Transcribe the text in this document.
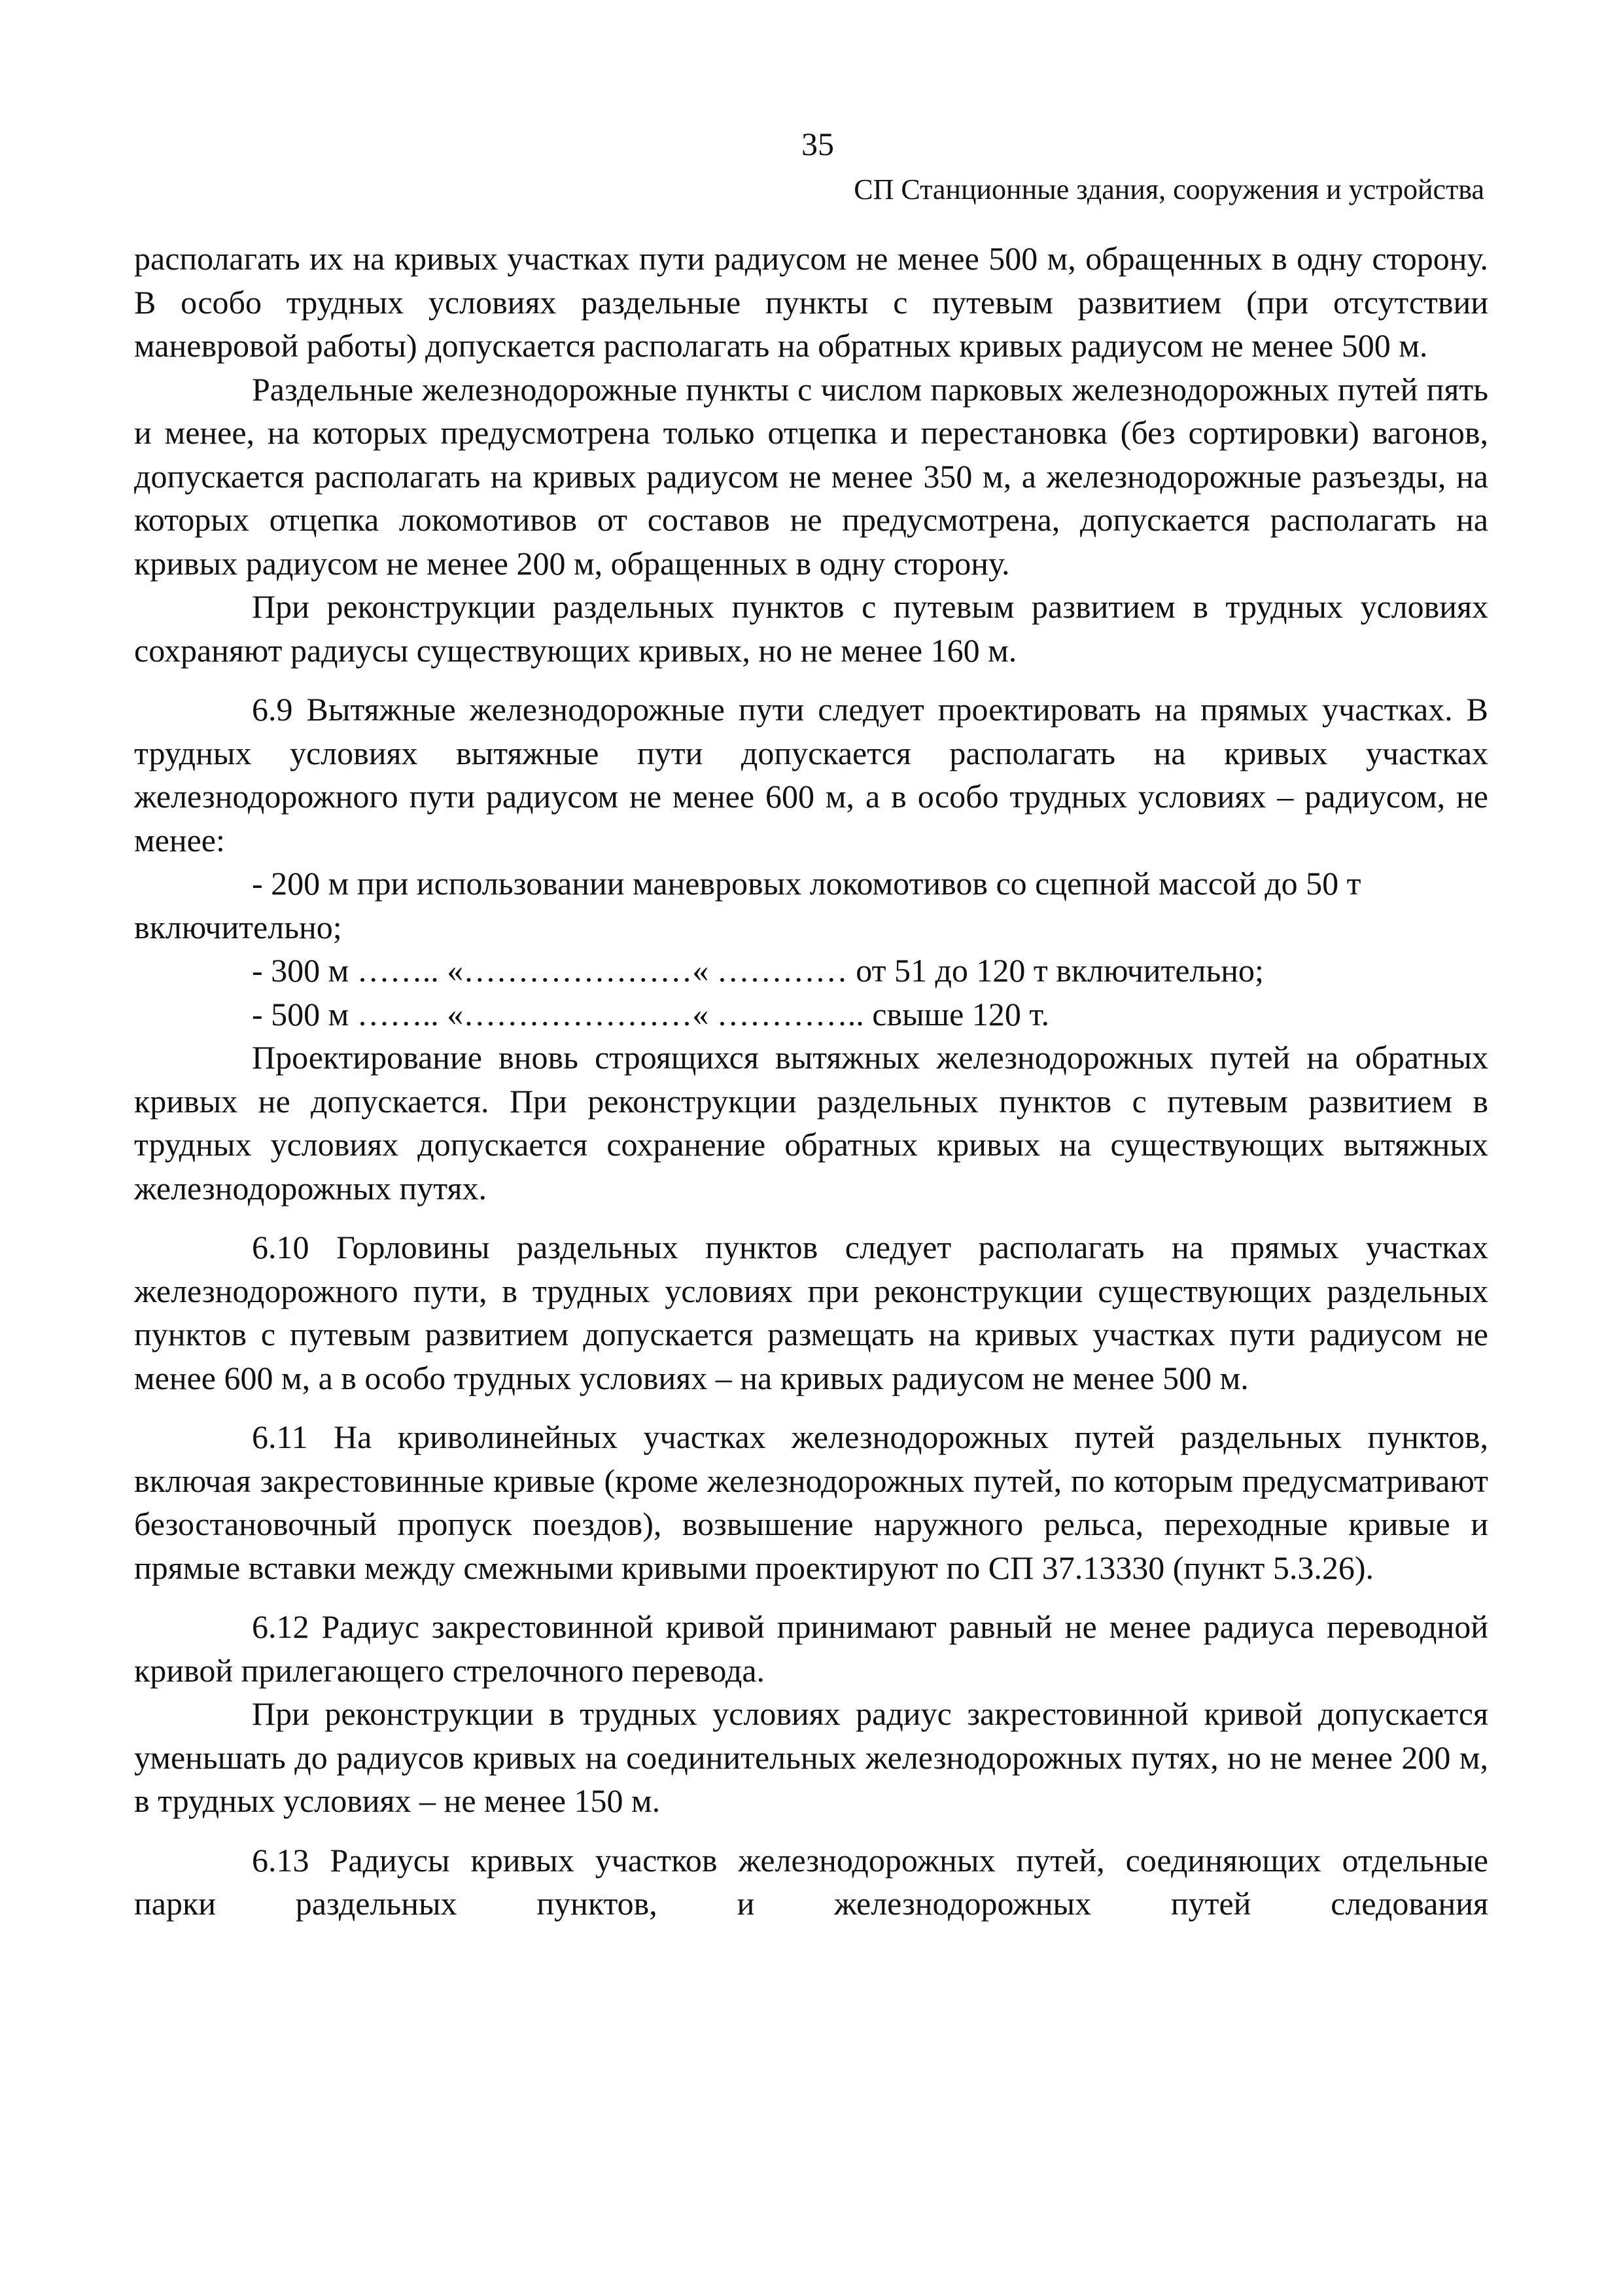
35
СП Станционные здания, сооружения и устройства

располагать их на кривых участках пути радиусом не менее 500 м, обращенных в одну сторону. В особо трудных условиях раздельные пункты с путевым развитием (при отсутствии маневровой работы) допускается располагать на обратных кривых радиусом не менее 500 м.

Раздельные железнодорожные пункты с числом парковых железнодорожных путей пять и менее, на которых предусмотрена только отцепка и перестановка (без сортировки) вагонов, допускается располагать на кривых радиусом не менее 350 м, а железнодорожные разъезды, на которых отцепка локомотивов от составов не предусмотрена, допускается располагать на кривых радиусом не менее 200 м, обращенных в одну сторону.

При реконструкции раздельных пунктов с путевым развитием в трудных условиях сохраняют радиусы существующих кривых, но не менее 160 м.

6.9 Вытяжные железнодорожные пути следует проектировать на прямых участках. В трудных условиях вытяжные пути допускается располагать на кривых участках железнодорожного пути радиусом не менее 600 м, а в особо трудных условиях – радиусом, не менее:

- 200 м при использовании маневровых локомотивов со сцепной массой до 50 т включительно;

- 300 м …….. «…………………« ………… от 51 до 120 т включительно;

- 500 м …….. «…………………« ………….. свыше 120 т.

Проектирование вновь строящихся вытяжных железнодорожных путей на обратных кривых не допускается. При реконструкции раздельных пунктов с путевым развитием в трудных условиях допускается сохранение обратных кривых на существующих вытяжных железнодорожных путях.

6.10 Горловины раздельных пунктов следует располагать на прямых участках железнодорожного пути, в трудных условиях при реконструкции существующих раздельных пунктов с путевым развитием допускается размещать на кривых участках пути радиусом не менее 600 м, а в особо трудных условиях – на кривых радиусом не менее 500 м.

6.11 На криволинейных участках железнодорожных путей раздельных пунктов, включая закрестовинные кривые (кроме железнодорожных путей, по которым предусматривают безостановочный пропуск поездов), возвышение наружного рельса, переходные кривые и прямые вставки между смежными кривыми проектируют по СП 37.13330 (пункт 5.3.26).

6.12 Радиус закрестовинной кривой принимают равный не менее радиуса переводной кривой прилегающего стрелочного перевода.

При реконструкции в трудных условиях радиус закрестовинной кривой допускается уменьшать до радиусов кривых на соединительных железнодорожных путях, но не менее 200 м, в трудных условиях – не менее 150 м.

6.13 Радиусы кривых участков железнодорожных путей, соединяющих отдельные парки раздельных пунктов, и железнодорожных путей следования
